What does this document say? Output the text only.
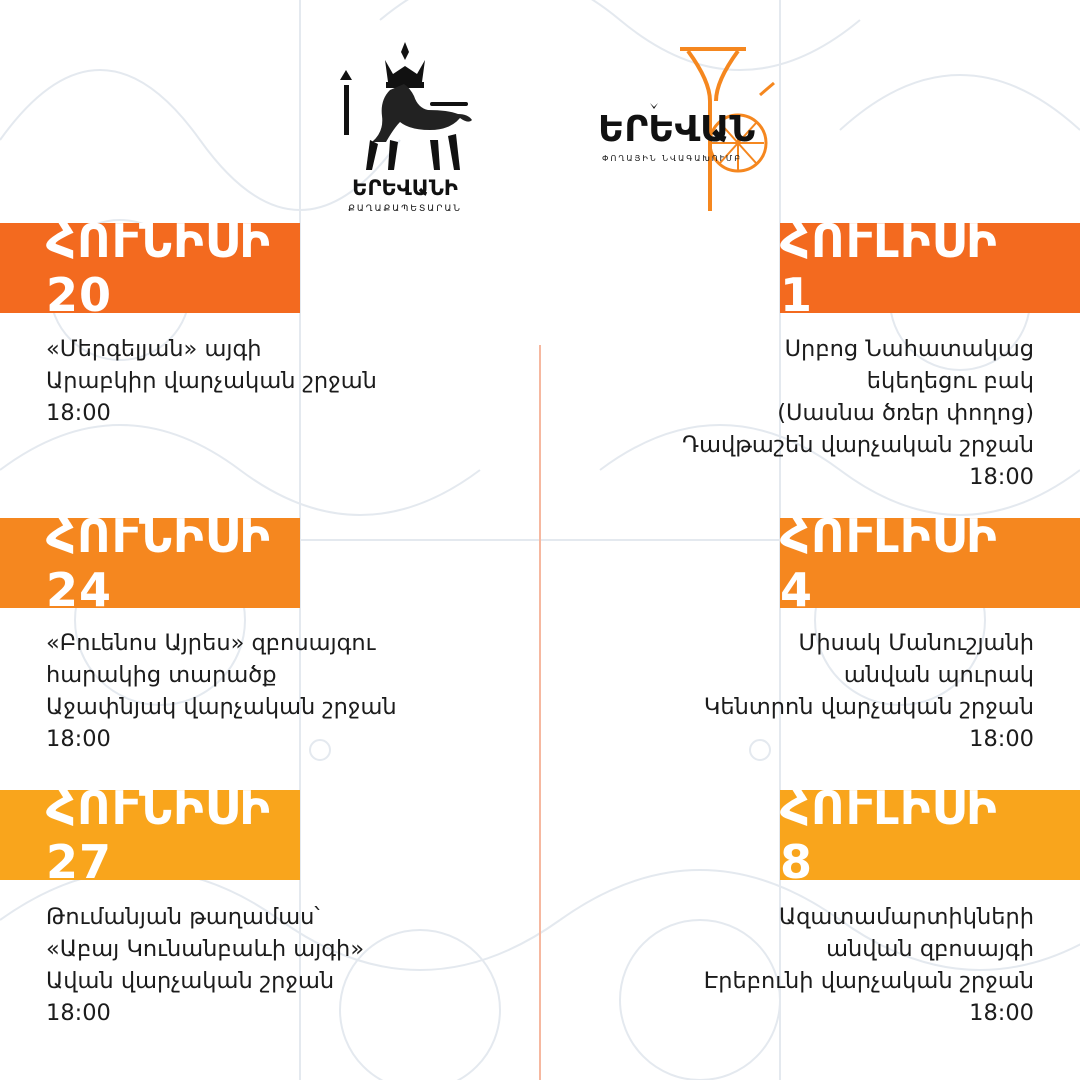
ԵՐԵՎԱՆԻ
ՔԱՂԱՔԱՊԵՏԱՐԱՆ
ԵՐԵՎԱՆ
ՓՈՂԱՅԻՆ ՆՎԱԳԱԽՈՒՄԲ
ՀՈՒՆԻՍԻ 20
«Մերգելյան» այգի
Արաբկիր վարչական շրջան
18:00
ՀՈՒՆԻՍԻ 24
«Բուենոս Այրես» զբոսայգու
հարակից տարածք
Աջափնյակ վարչական շրջան
18:00
ՀՈՒՆԻՍԻ 27
Թումանյան թաղամաս՝
«Աբայ Կունանբաևի այգի»
Ավան վարչական շրջան
18:00
ՀՈՒԼԻՍԻ 1
Սրբոց Նահատակաց
եկեղեցու բակ
(Սասնա ծռեր փողոց)
Դավթաշեն վարչական շրջան
18:00
ՀՈՒԼԻՍԻ 4
Միսակ Մանուշյանի
անվան պուրակ
Կենտրոն վարչական շրջան
18:00
ՀՈՒԼԻՍԻ 8
Ազատամարտիկների
անվան զբոսայգի
Էրեբունի վարչական շրջան
18:00
